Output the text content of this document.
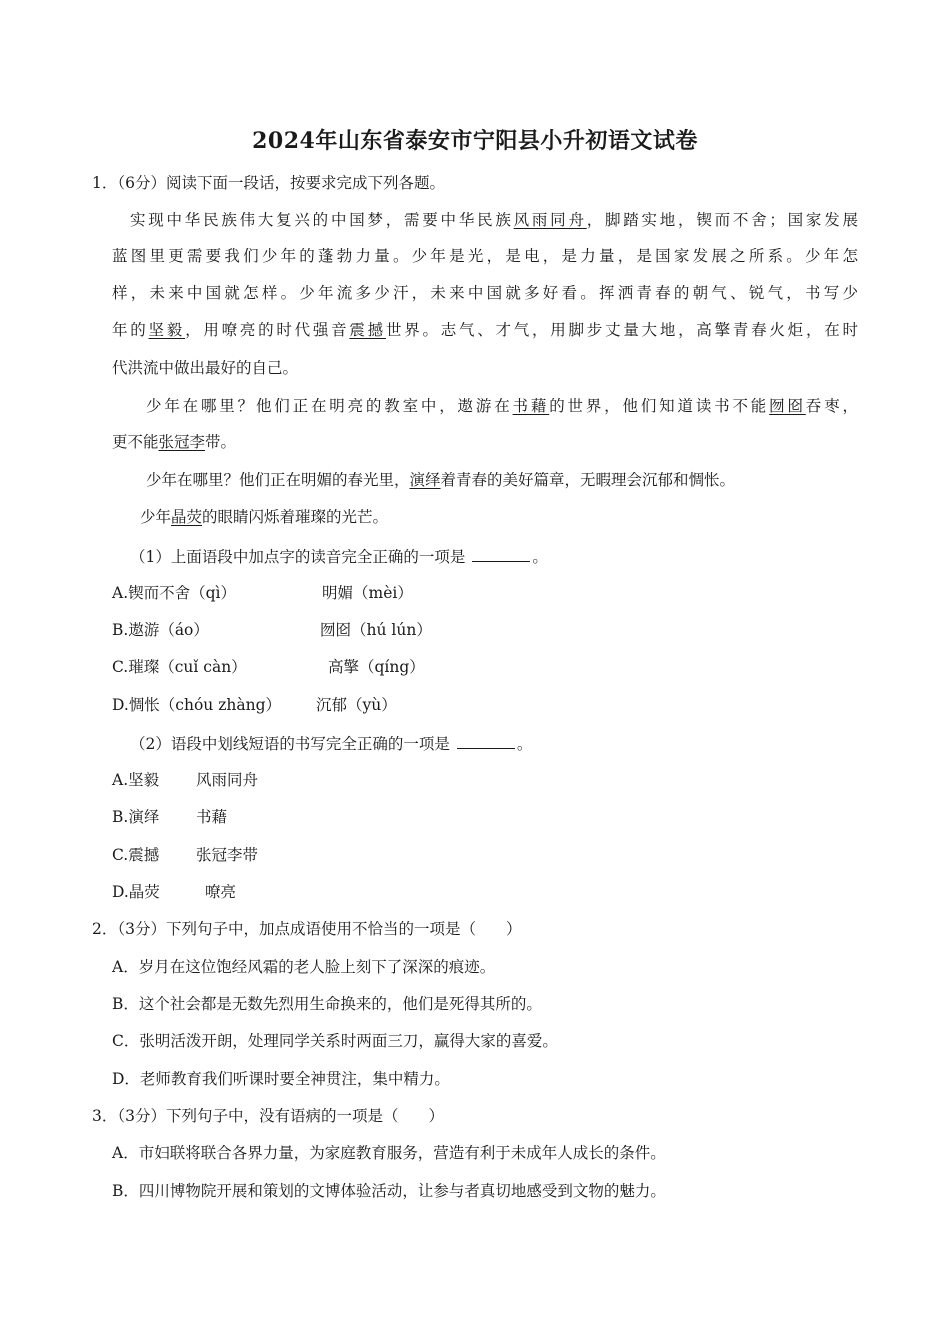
2024年山东省泰安市宁阳县小升初语文试卷
1．（6分）阅读下面一段话，按要求完成下列各题。
实现中华民族伟大复兴的中国梦，需要中华民族风雨同舟，脚踏实地，锲而不舍；国家发展
蓝图里更需要我们少年的蓬勃力量。少年是光，是电，是力量，是国家发展之所系。少年怎
样，未来中国就怎样。少年流多少汗，未来中国就多好看。挥洒青春的朝气、锐气，书写少
年的坚毅，用嘹亮的时代强音震撼世界。志气、才气，用脚步丈量大地，高擎青春火炬，在时
代洪流中做出最好的自己。
少年在哪里？他们正在明亮的教室中，遨游在书藉的世界，他们知道读书不能囫囵吞枣，
更不能张冠李带。
少年在哪里？他们正在明媚的春光里，演绎着青春的美好篇章，无暇理会沉郁和惆怅。
少年晶荧的眼睛闪烁着璀璨的光芒。
（1）上面语段中加点字的读音完全正确的一项是	。
A.锲而不舍（qì）	明媚（mèi）
B.遨游（áo）	囫囵（hú lún）
C.璀璨（cuǐ càn）	高擎（qíng）
D.惆怅（chóu zhàng） 沉郁（yù）
（2）语段中划线短语的书写完全正确的一项是	。
A.坚毅 风雨同舟
B.演绎 书藉
C.震撼 张冠李带
D.晶荧	嘹亮
2．（3分）下列句子中，加点成语使用不恰当的一项是（ ）
A．岁月在这位饱经风霜的老人脸上刻下了深深的痕迹。
B．这个社会都是无数先烈用生命换来的，他们是死得其所的。
C．张明活泼开朗，处理同学关系时两面三刀，赢得大家的喜爱。
D．老师教育我们听课时要全神贯注，集中精力。
3．（3分）下列句子中，没有语病的一项是（ ）
A．市妇联将联合各界力量，为家庭教育服务，营造有利于未成年人成长的条件。
B．四川博物院开展和策划的文博体验活动，让参与者真切地感受到文物的魅力。
